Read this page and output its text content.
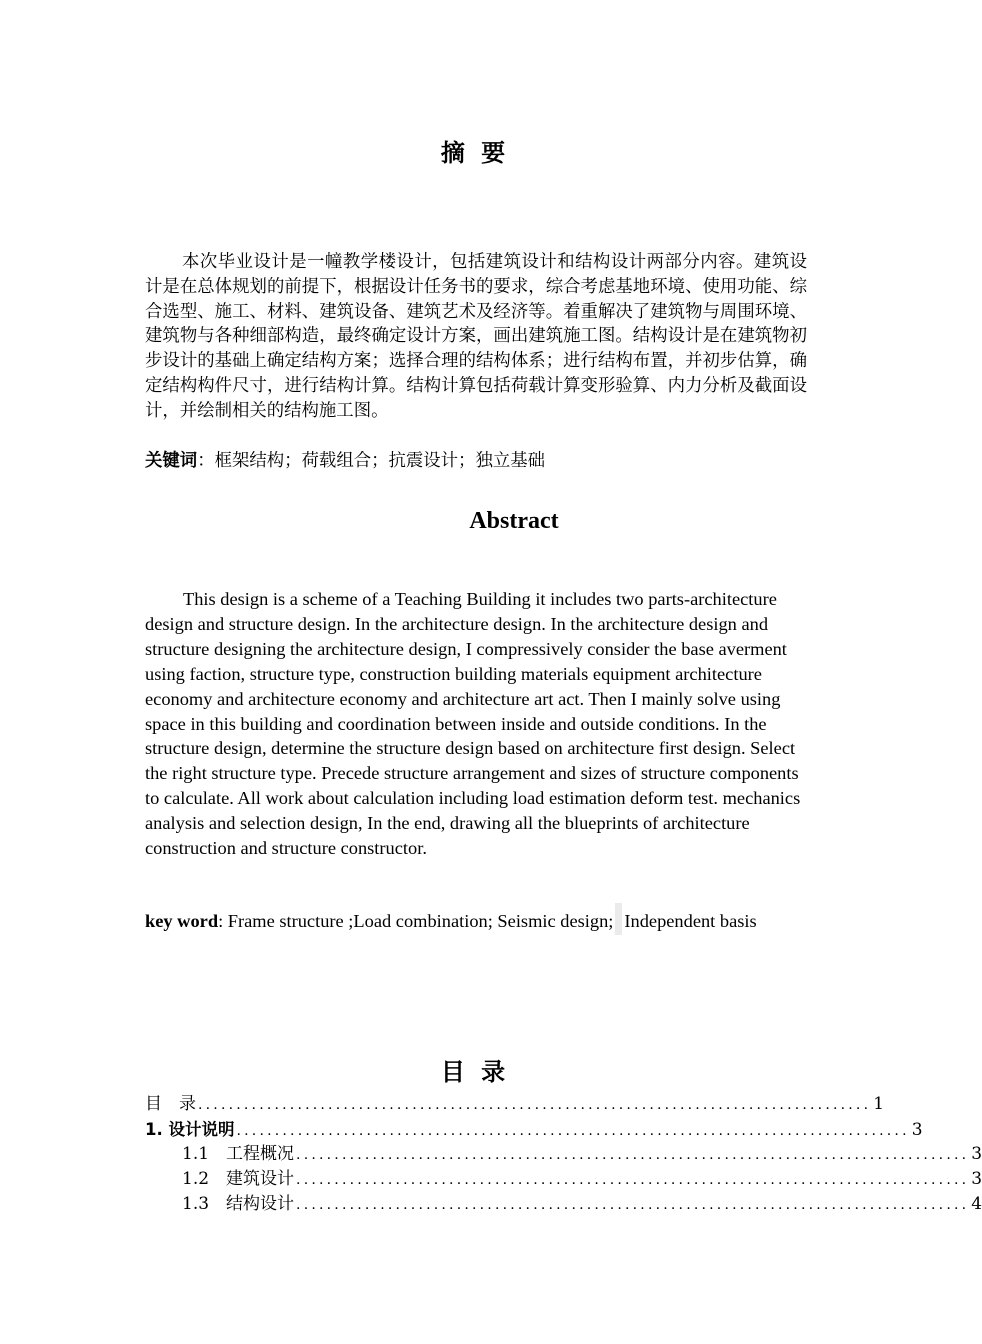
摘 要

本次毕业设计是一幢教学楼设计，包括建筑设计和结构设计两部分内容。建筑设计是在总体规划的前提下，根据设计任务书的要求，综合考虑基地环境、使用功能、综合选型、施工、材料、建筑设备、建筑艺术及经济等。着重解决了建筑物与周围环境、建筑物与各种细部构造，最终确定设计方案，画出建筑施工图。结构设计是在建筑物初步设计的基础上确定结构方案；选择合理的结构体系；进行结构布置，并初步估算，确定结构构件尺寸，进行结构计算。结构计算包括荷载计算变形验算、内力分析及截面设计，并绘制相关的结构施工图。

关键词：框架结构；荷载组合；抗震设计；独立基础
Abstract

This design is a scheme of a Teaching Building it includes two parts-architecture design and structure design. In the architecture design. In the architecture design and structure designing the architecture design, I compressively consider the base averment using faction, structure type, construction building materials equipment architecture economy and architecture economy and architecture art act. Then I mainly solve using space in this building and coordination between inside and outside conditions. In the structure design, determine the structure design based on architecture first design. Select the right structure type. Precede structure arrangement and sizes of structure components to calculate. All work about calculation including load estimation deform test. mechanics analysis and selection design, In the end, drawing all the blueprints of architecture construction and structure constructor.

key word: Frame structure ;Load combination; Seismic design; Independent basis
目 录
目　录 ........................................................................................ 1
1. 设计说明 ........................................................................................ 3
1.1　工程概况 ........................................................................................ 3
1.2　建筑设计 ........................................................................................ 3
1.3　结构设计 ........................................................................................ 4
